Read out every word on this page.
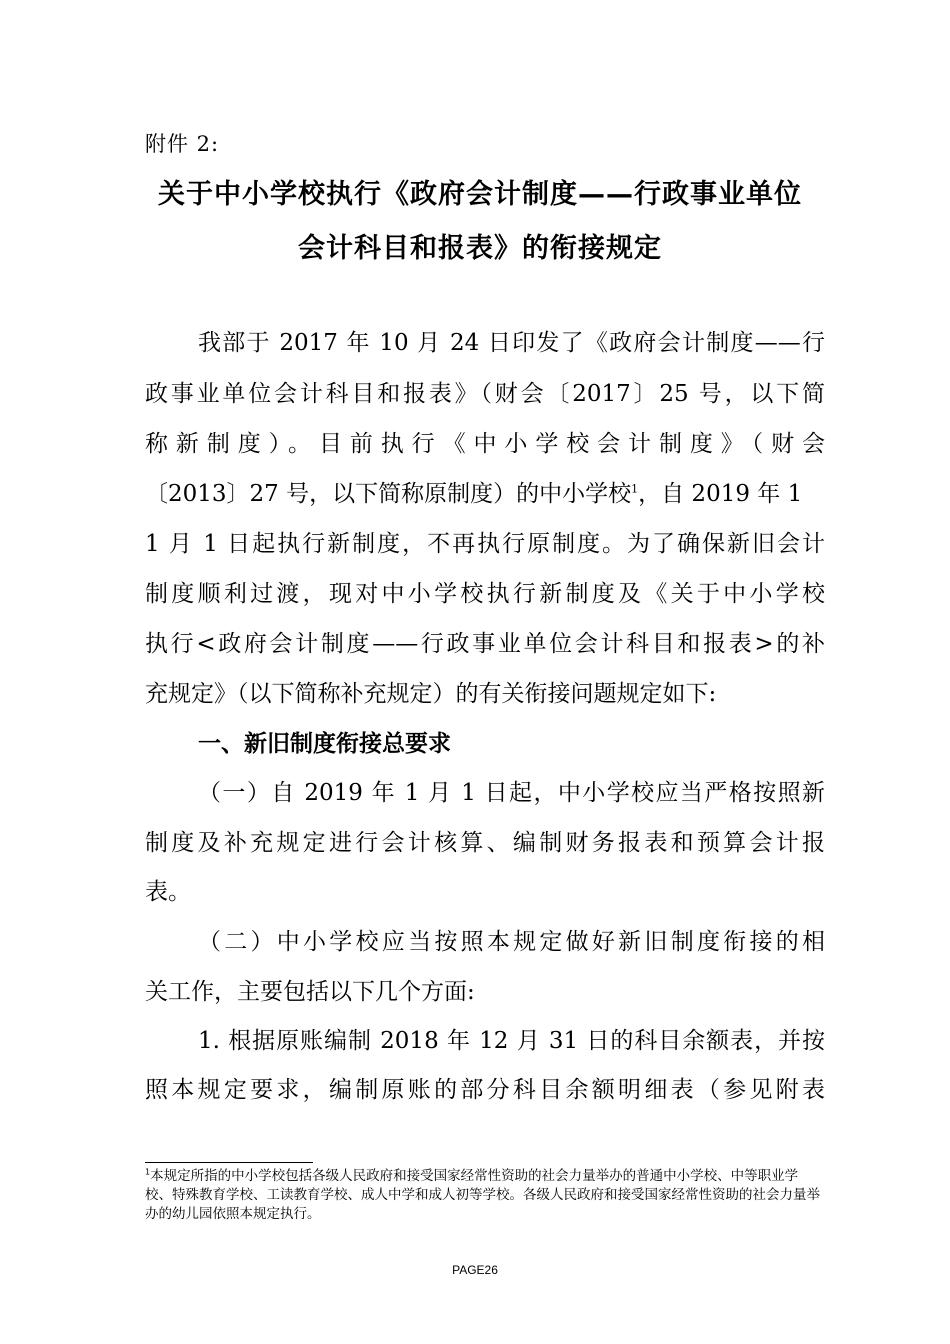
附件 2:
关于中小学校执行《政府会计制度——行政事业单位
会计科目和报表》的衔接规定
我部于 2017 年 10 月 24 日印发了《政府会计制度——行
政事业单位会计科目和报表》（财会〔2017〕25 号，以下简
称新制度）。目前执行《中小学校会计制度》（财会
〔2013〕27 号，以下简称原制度）的中小学校$^1$，自 2019 年 1
1 月 1 日起执行新制度，不再执行原制度。为了确保新旧会计
制度顺利过渡，现对中小学校执行新制度及《关于中小学校
执行<政府会计制度——行政事业单位会计科目和报表>的补
充规定》（以下简称补充规定）的有关衔接问题规定如下:
一、新旧制度衔接总要求
（一）自 2019 年 1 月 1 日起，中小学校应当严格按照新
制度及补充规定进行会计核算、编制财务报表和预算会计报
表。
（二）中小学校应当按照本规定做好新旧制度衔接的相
关工作，主要包括以下几个方面:
1. 根据原账编制 2018 年 12 月 31 日的科目余额表，并按
照本规定要求，编制原账的部分科目余额明细表（参见附表
$^1$本规定所指的中小学校包括各级人民政府和接受国家经常性资助的社会力量举办的普通中小学校、中等职业学校、特殊教育学校、工读教育学校、成人中学和成人初等学校。各级人民政府和接受国家经常性资助的社会力量举办的幼儿园依照本规定执行。
PAGE26
